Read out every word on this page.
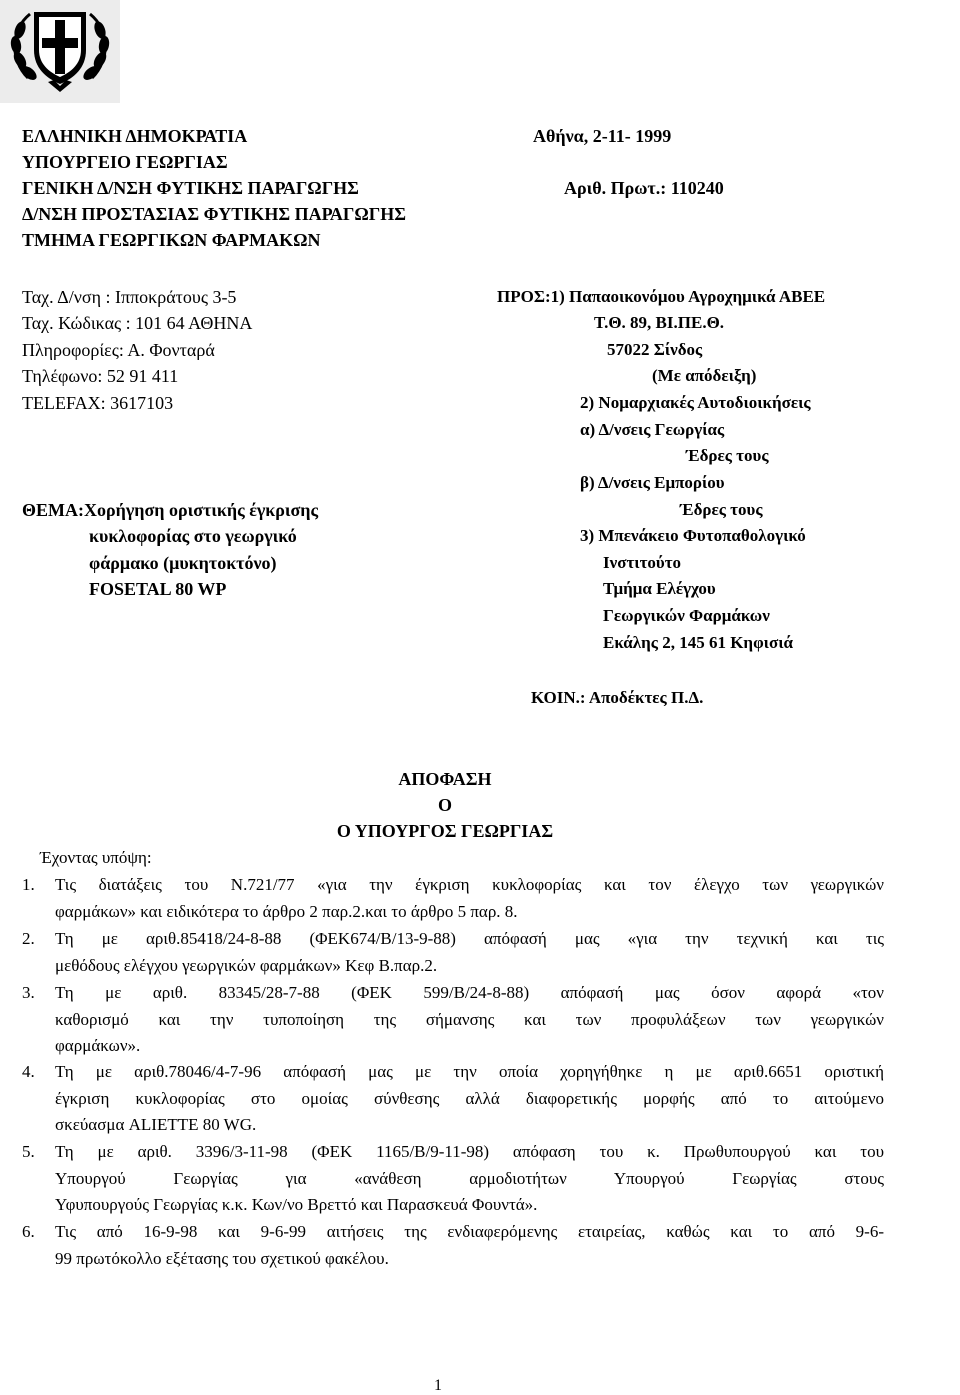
ΕΛΛΗΝΙΚΗ ΔΗΜΟΚΡΑΤΙΑ
ΥΠΟΥΡΓΕΙΟ ΓΕΩΡΓΙΑΣ
ΓΕΝΙΚΗ Δ/ΝΣΗ ΦΥΤΙΚΗΣ ΠΑΡΑΓΩΓΗΣ
Δ/ΝΣΗ ΠΡΟΣΤΑΣΙΑΣ ΦΥΤΙΚΗΣ ΠΑΡΑΓΩΓΗΣ
ΤΜΗΜΑ ΓΕΩΡΓΙΚΩΝ ΦΑΡΜΑΚΩΝ
Αθήνα, 2-11- 1999
Αριθ. Πρωτ.: 110240
Ταχ. Δ/νση : Ιπποκράτους 3-5
Ταχ. Κώδικας : 101 64 ΑΘΗΝΑ
Πληροφορίες: Α. Φονταρά
Τηλέφωνο: 52 91 411
TELEFAX: 3617103
ΘΕΜΑ:Χορήγηση οριστικής έγκρισης
κυκλοφορίας στο γεωργικό
φάρμακο (μυκητοκτόνο)
FOSETAL 80 WP
ΠΡΟΣ:1) Παπαοικονόμου Αγροχημικά ΑΒΕΕ
Τ.Θ. 89, ΒΙ.ΠΕ.Θ.
57022 Σίνδος
(Με απόδειξη)
2) Νομαρχιακές Αυτοδιοικήσεις
α) Δ/νσεις Γεωργίας
Έδρες τους
β) Δ/νσεις Εμπορίου
Έδρες τους
3) Μπενάκειο Φυτοπαθολογικό
Ινστιτούτο
Τμήμα Ελέγχου
Γεωργικών Φαρμάκων
Εκάλης 2, 145 61 Κηφισιά
ΚΟΙΝ.: Αποδέκτες Π.Δ.
ΑΠΟΦΑΣΗ
Ο
Ο ΥΠΟΥΡΓΟΣ ΓΕΩΡΓΙΑΣ
Έχοντας υπόψη:
1.	Τις διατάξεις του Ν.721/77 «για την έγκριση κυκλοφορίας και τον έλεγχο των γεωργικών
φαρμάκων» και ειδικότερα το άρθρο 2 παρ.2.και το άρθρο 5 παρ. 8.
2.	Τη με αριθ.85418/24-8-88 (ΦΕΚ674/Β/13-9-88) απόφασή μας «για την τεχνική και τις
μεθόδους ελέγχου γεωργικών φαρμάκων» Κεφ Β.παρ.2.
3.	Τη με αριθ. 83345/28-7-88 (ΦΕΚ 599/Β/24-8-88) απόφασή μας όσον αφορά «τον
καθορισμό και την τυποποίηση της σήμανσης και των προφυλάξεων των γεωργικών
φαρμάκων».
4.	Τη με αριθ.78046/4-7-96 απόφασή μας με την οποία χορηγήθηκε η με αριθ.6651 οριστική
έγκριση κυκλοφορίας στο ομοίας σύνθεσης αλλά διαφορετικής μορφής από το αιτούμενο
σκεύασμα ALIETTE 80 WG.
5.	Τη με αριθ. 3396/3-11-98 (ΦΕΚ 1165/Β/9-11-98) απόφαση του κ. Πρωθυπουργού και του
Υπουργού Γεωργίας για «ανάθεση αρμοδιοτήτων Υπουργού Γεωργίας στους
Υφυπουργούς Γεωργίας κ.κ. Κων/νο Βρεττό και Παρασκευά Φουντά».
6.	Τις από 16-9-98 και 9-6-99 αιτήσεις της ενδιαφερόμενης εταιρείας, καθώς και το από 9-6-
99 πρωτόκολλο εξέτασης του σχετικού φακέλου.
1
